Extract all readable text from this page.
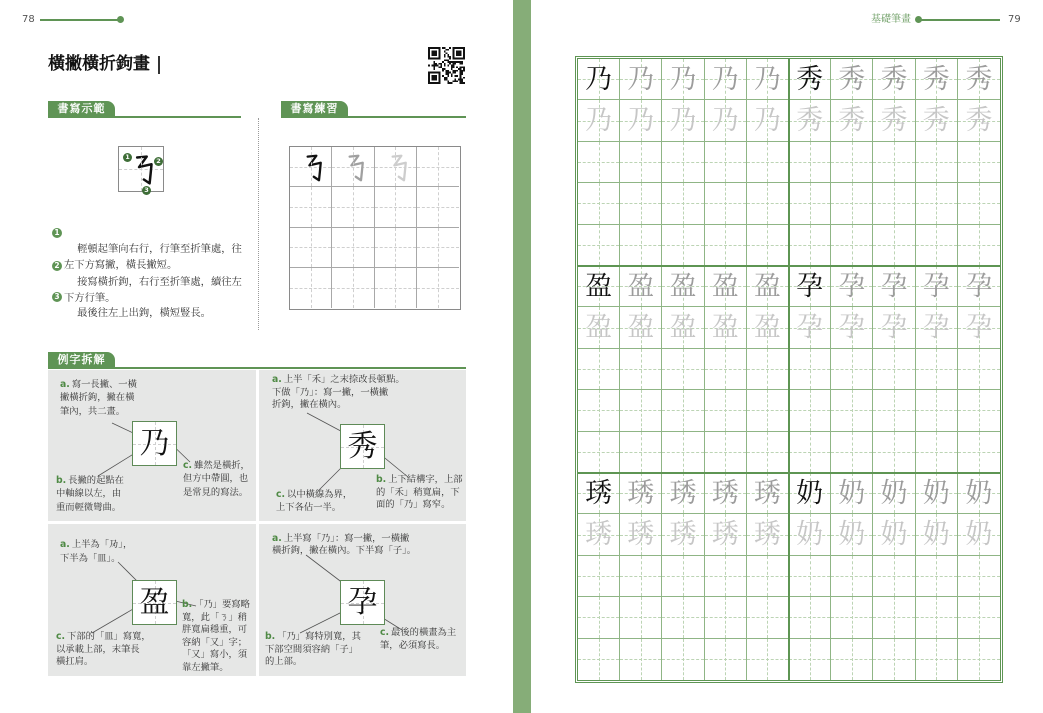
78
橫撇橫折鉤畫
書寫示範	書寫練習
1	2
3

1
輕頓起筆向右行，行筆至折筆處，往
左下方寫撇，橫長撇短。

2
接寫橫折鉤，右行至折筆處，續往左
下方行筆。

3
最後往左上出鉤，橫短豎長。

例字拆解
乃
a. 寫一長撇、一橫
撇橫折鉤，撇在橫
筆內，共二畫。
b. 長撇的起點在
中軸線以左，由
重而輕微彎曲。
c. 雖然是橫折，
但方中帶圓，也
是常見的寫法。
秀
a. 上半「禾」之末捺改長頓點。
下做「乃」：寫一撇，一橫撇
折鉤，撇在橫內。
b. 上下結構字，上部
的「禾」稍寬扁，下
面的「乃」寫窄。
c. 以中橫線為界，
上下各佔一半。
盈
a. 上半為「夃」，
下半為「皿」。
b. 「乃」要寫略
寬，此「ㄋ」稍
胖寬扁穩重，可
容納「又」字；
「又」寫小，須
靠左撇筆。
c. 下部的「皿」寫寬，
以承載上部，末筆長
橫扛肩。
孕
a. 上半寫「乃」：寫一撇，一橫撇
橫折鉤，撇在橫內。下半寫「子」。
b. 「乃」寫特別寬，其
下部空間須容納「子」
的上部。
c. 最後的橫畫為主
筆，必須寫長。
基礎筆畫	79
乃 乃 乃 乃 乃 秀 秀 秀 秀 秀
乃 乃 乃 乃 乃 秀 秀 秀 秀 秀
盈 盈 盈 盈 盈 孕 孕 孕 孕 孕
盈 盈 盈 盈 盈 孕 孕 孕 孕 孕
琇 琇 琇 琇 琇 奶 奶 奶 奶 奶
琇 琇 琇 琇 琇 奶 奶 奶 奶 奶
